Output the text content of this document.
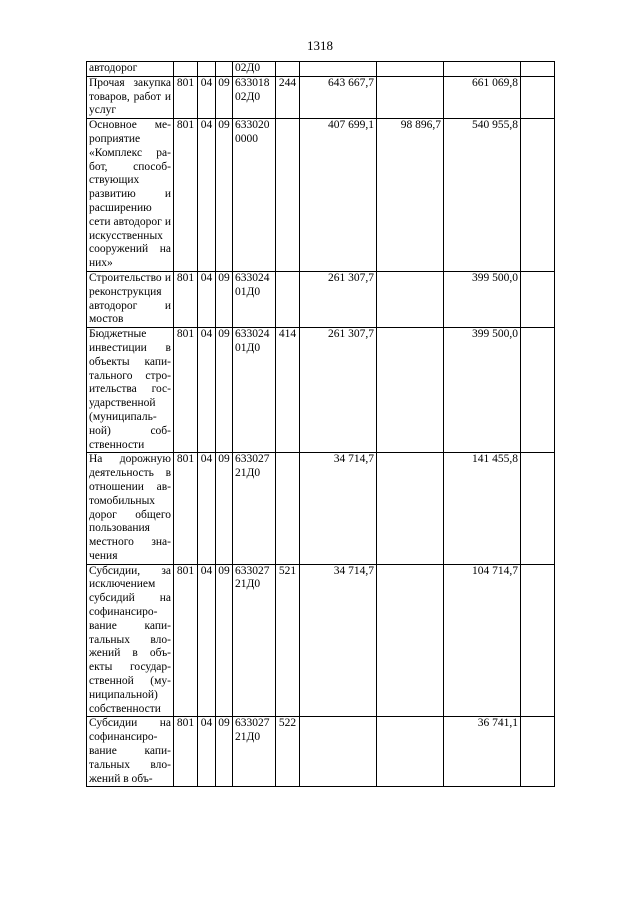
1318
автодорог				02Д0					
Прочая закупка товаров, работ и услуг	801	04	09	633018 02Д0	244	643 667,7		661 069,8	
Основное мероприятие «Комплекс работ, способствующих развитию и расширению сети автодорог и искусственных сооружений на них»	801	04	09	633020 0000		407 699,1	98 896,7	540 955,8	
Строительство и реконструкция автодорог и мостов	801	04	09	633024 01Д0		261 307,7		399 500,0	
Бюджетные инвестиции в объекты капитального строительства государственной (муниципальной) собственности	801	04	09	633024 01Д0	414	261 307,7		399 500,0	
На дорожную деятельность в отношении автомобильных дорог общего пользования местного значения	801	04	09	633027 21Д0		34 714,7		141 455,8	
Субсидии, за исключением субсидий на софинансирование капитальных вложений в объекты государственной (муниципальной) собственности	801	04	09	633027 21Д0	521	34 714,7		104 714,7	
Субсидии на софинансирование капитальных вложений в объ-	801	04	09	633027 21Д0	522			36 741,1	
